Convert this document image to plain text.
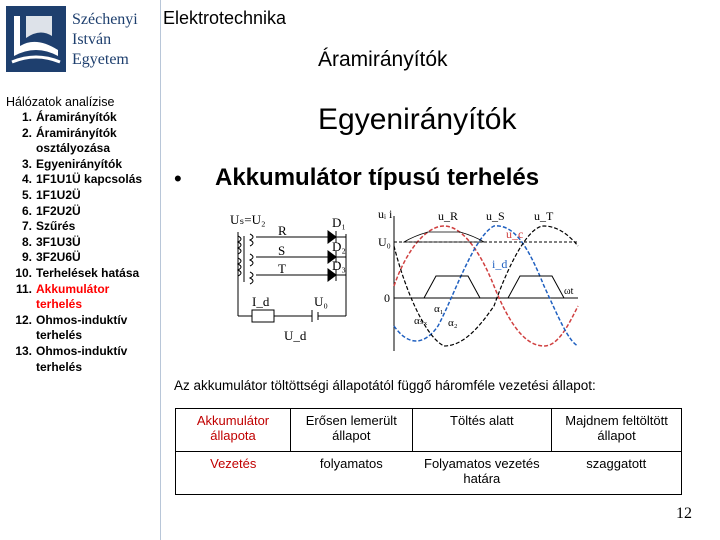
Széchenyi
István
Egyetem
Elektrotechnika
Áramirányítók
Hálózatok analízise
1. Áramirányítók
2. Áramirányítók osztályozása
3. Egyenirányítók
4. 1F1U1Ü kapcsolás
5. 1F1U2Ü
6. 1F2U2Ü
7. Szűrés
8. 3F1U3Ü
9. 3F2U6Ü
10. Terhelések hatása
11. Akkumulátor terhelés
12. Ohmos-induktív terhelés
13. Ohmos-induktív terhelés
Egyenirányítók
• Akkumulátor típusú terhelés
Uₛ=U₂
R
S
T
D₁
D₂
D₃
I_d	U₀
U_d
uᵢ i
U₀
u_R u_S u_T
u_c
i_d
0	ωt
αₛₓ
α₁
α₂
Az akkumulátor töltöttségi állapotától függő háromféle vezetési állapot:
Akkumulátor állapota	Erősen lemerült állapot	Töltés alatt	Majdnem feltöltött állapot
Vezetés	folyamatos	Folyamatos vezetés határa	szaggatott
12
